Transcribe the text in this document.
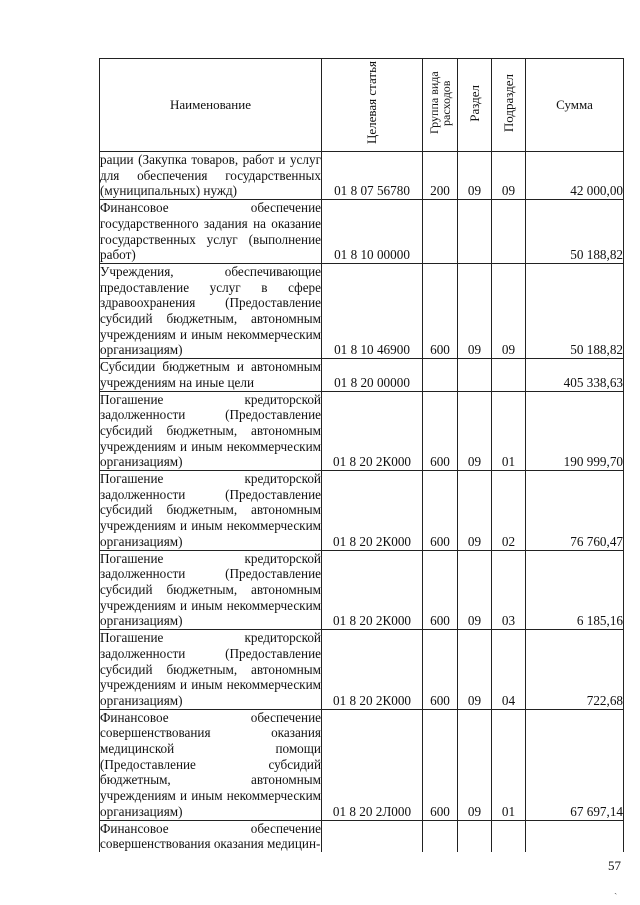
Наименование	Целевая статья	Группа вида расходов	Раздел	Подраздел	Сумма
рации (Закупка товаров, работ и услуг для обеспечения государственных (муниципальных) нужд)	01 8 07 56780	200	09	09	42 000,00
Финансовое обеспечение государственного задания на оказание государственных услуг (выполнение работ)	01 8 10 00000				50 188,82
Учреждения, обеспечивающие предоставление услуг в сфере здравоохранения (Предоставление субсидий бюджетным, автономным учреждениям и иным некоммерческим организациям)	01 8 10 46900	600	09	09	50 188,82
Субсидии бюджетным и автономным учреждениям на иные цели	01 8 20 00000				405 338,63
Погашение кредиторской задолженности (Предоставление субсидий бюджетным, автономным учреждениям и иным некоммерческим организациям)	01 8 20 2К000	600	09	01	190 999,70
Погашение кредиторской задолженности (Предоставление субсидий бюджетным, автономным учреждениям и иным некоммерческим организациям)	01 8 20 2К000	600	09	02	76 760,47
Погашение кредиторской задолженности (Предоставление субсидий бюджетным, автономным учреждениям и иным некоммерческим организациям)	01 8 20 2К000	600	09	03	6 185,16
Погашение кредиторской задолженности (Предоставление субсидий бюджетным, автономным учреждениям и иным некоммерческим организациям)	01 8 20 2К000	600	09	04	722,68
Финансовое обеспечение совершенствования оказания медицинской помощи (Предоставление субсидий бюджетным, автономным учреждениям и иным некоммерческим организациям)	01 8 20 2Л000	600	09	01	67 697,14
Финансовое обеспечение совершенствования оказания медицин-					
57
ˎ
